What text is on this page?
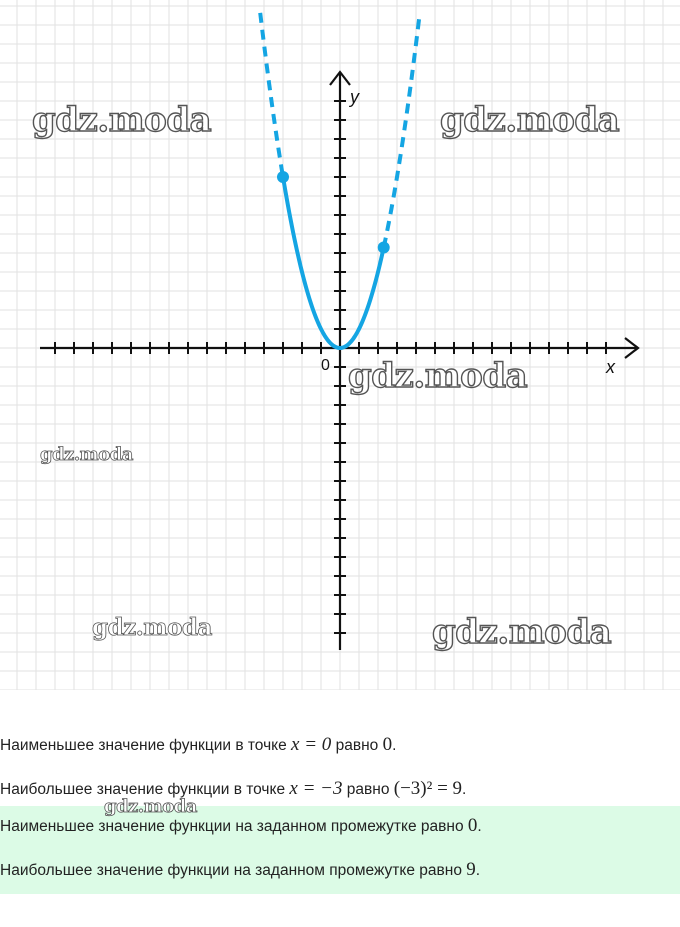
x
y
0
gdz.moda	gdz.moda
gdz.moda
gdz.moda
gdz.moda	gdz.moda
Наименьшее значение функции в точке x = 0 равно 0.
Наибольшее значение функции в точке x = −3 равно (−3)² = 9.
Наименьшее значение функции на заданном промежутке равно 0.
Наибольшее значение функции на заданном промежутке равно 9.
gdz.moda
